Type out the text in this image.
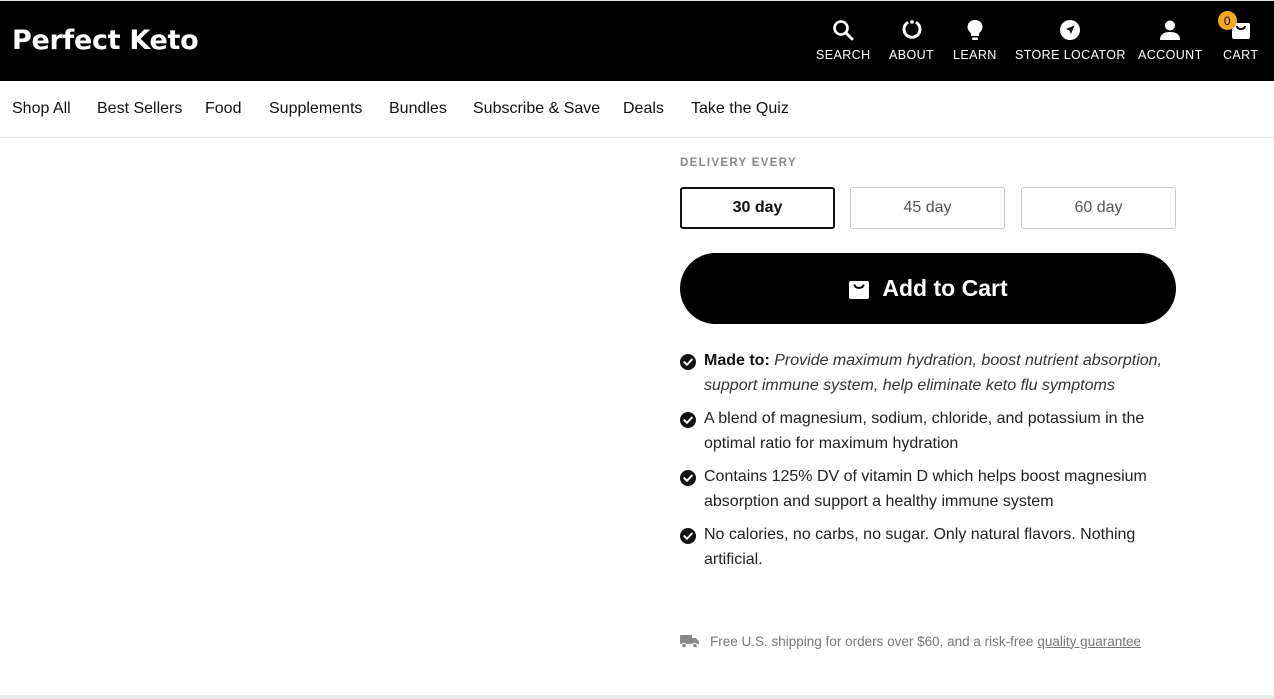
Perfect Keto	SEARCH ABOUT LEARN STORE LOCATOR ACCOUNT
0
CART
Shop All Best Sellers Food Supplements Bundles Subscribe & Save Deals Take the Quiz
DELIVERY EVERY
30 day	45 day	60 day
Add to Cart
Made to: Provide maximum hydration, boost nutrient absorption, support immune system, help eliminate keto flu symptoms
A blend of magnesium, sodium, chloride, and potassium in the optimal ratio for maximum hydration
Contains 125% DV of vitamin D which helps boost magnesium absorption and support a healthy immune system
No calories, no carbs, no sugar. Only natural flavors. Nothing artificial.
Free U.S. shipping for orders over $60, and a risk-free quality guarantee
